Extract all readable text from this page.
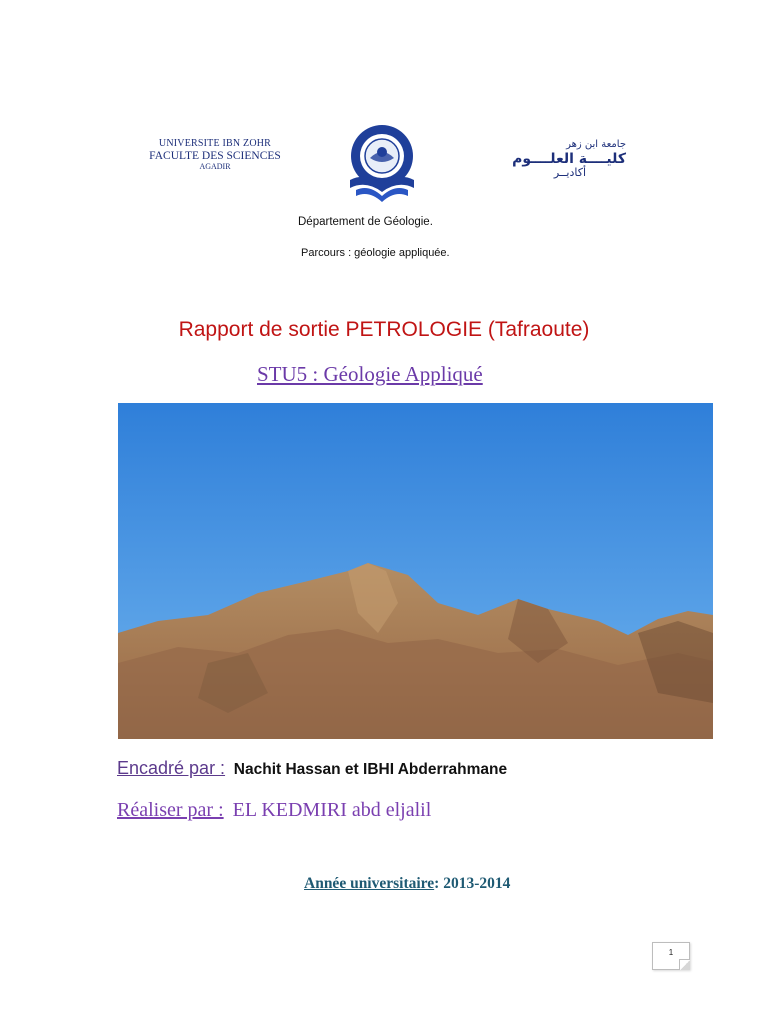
UNIVERSITE IBN ZOHR
FACULTE DES SCIENCES
AGADIR
جامعة ابن زهر
كليــــة العلــــوم
أكاديــر
Département de Géologie.
Parcours : géologie appliquée.
Rapport de sortie PETROLOGIE (Tafraoute)
STU5 : Géologie Appliqué
Encadré par : Nachit Hassan et IBHI Abderrahmane
Réaliser par : EL KEDMIRI abd eljalil
Année universitaire: 2013-2014
1
